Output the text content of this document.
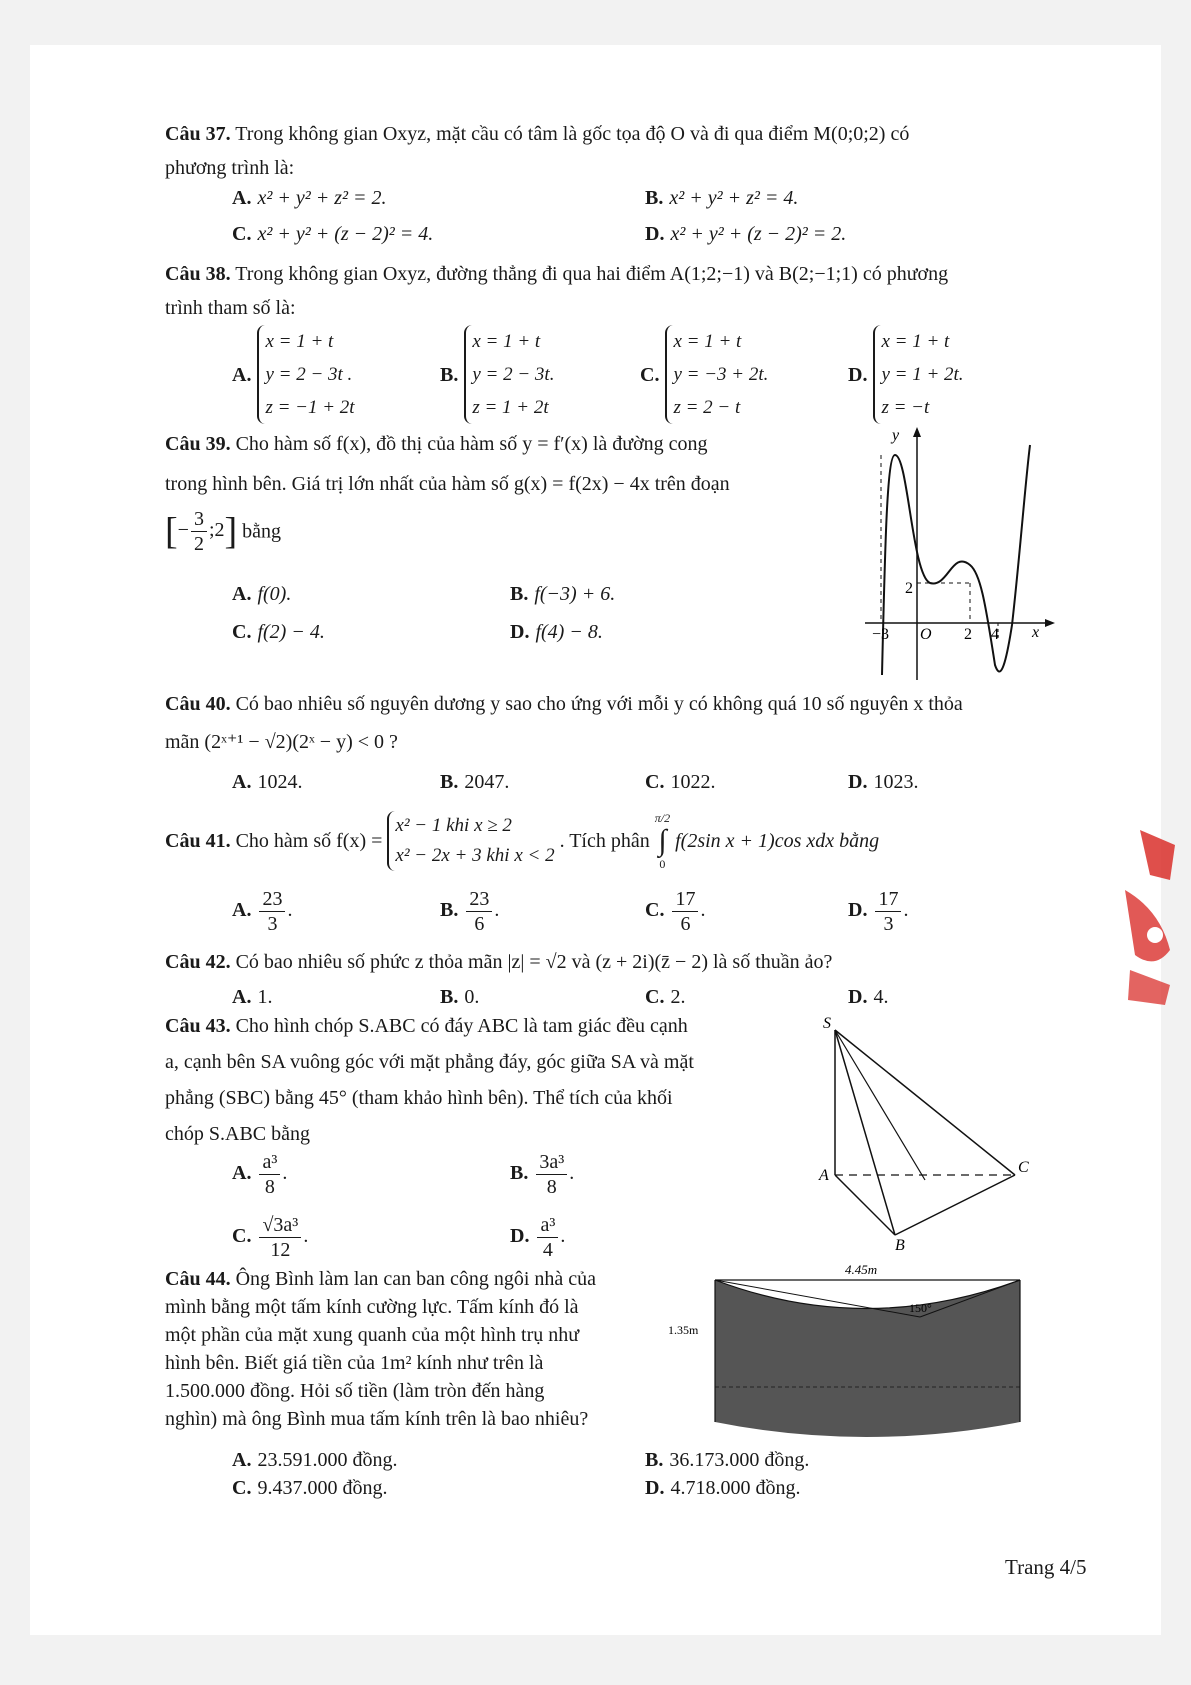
Câu 37. Trong không gian Oxyz, mặt cầu có tâm là gốc tọa độ O và đi qua điểm M(0;0;2) có
phương trình là:
A. x² + y² + z² = 2.	B. x² + y² + z² = 4.
C. x² + y² + (z − 2)² = 4.	D. x² + y² + (z − 2)² = 2.
Câu 38. Trong không gian Oxyz, đường thẳng đi qua hai điểm A(1;2;−1) và B(2;−1;1) có phương
trình tham số là:
A.x = 1 + t
y = 2 − 3t .
z = −1 + 2t
B.x = 1 + t
y = 2 − 3t.
z = 1 + 2t
C.x = 1 + t
y = −3 + 2t.
z = 2 − t
D.x = 1 + t
y = 1 + 2t.
z = −t
Câu 39. Cho hàm số f(x), đồ thị của hàm số y = f′(x) là đường cong
trong hình bên. Giá trị lớn nhất của hàm số g(x) = f(2x) − 4x trên đoạn
[− $\frac{3}{2}$ ;2] bằng
A. f(0).	B. f(−3) + 6.
C. f(2) − 4.	D. f(4) − 8.
y
x
O
−3
2
2 4
Câu 40. Có bao nhiêu số nguyên dương y sao cho ứng với mỗi y có không quá 10 số nguyên x thỏa
mãn (2ˣ⁺¹ − √2)(2ˣ − y) < 0 ?
A. 1024.	B. 2047.	C. 1022.	D. 1023.
Câu 41. Cho hàm số f(x) = x² − 1 khi x ≥ 2
x² − 2x + 3 khi x < 2 . Tích phân π/2
∫
0 f(2sin x + 1)cos xdx bằng
A. $\frac{23}{3}$ .	B. $\frac{23}{6}$ .	C. $\frac{17}{6}$ .	D. $\frac{17}{3}$ .
Câu 42. Có bao nhiêu số phức z thỏa mãn |z| = √2 và (z + 2i)(z̄ − 2) là số thuần ảo?
A. 1.	B. 0.	C. 2.	D. 4.
Câu 43. Cho hình chóp S.ABC có đáy ABC là tam giác đều cạnh
a, cạnh bên SA vuông góc với mặt phẳng đáy, góc giữa SA và mặt
phẳng (SBC) bằng 45° (tham khảo hình bên). Thể tích của khối
chóp S.ABC bằng
A. $\frac{\text{a³}}{8}$ .	B. $\frac{\text{3a³}}{8}$ .
C. $\frac{\text{√3a³}}{12}$ .	D. $\frac{\text{a³}}{4}$ .
S
A
B
C
Câu 44. Ông Bình làm lan can ban công ngôi nhà của
mình bằng một tấm kính cường lực. Tấm kính đó là
một phần của mặt xung quanh của một hình trụ như
hình bên. Biết giá tiền của 1m² kính như trên là
1.500.000 đồng. Hỏi số tiền (làm tròn đến hàng
nghìn) mà ông Bình mua tấm kính trên là bao nhiêu?
A. 23.591.000 đồng.	B. 36.173.000 đồng.
C. 9.437.000 đồng.	D. 4.718.000 đồng.
4.45m
1.35m
150°
Trang 4/5
